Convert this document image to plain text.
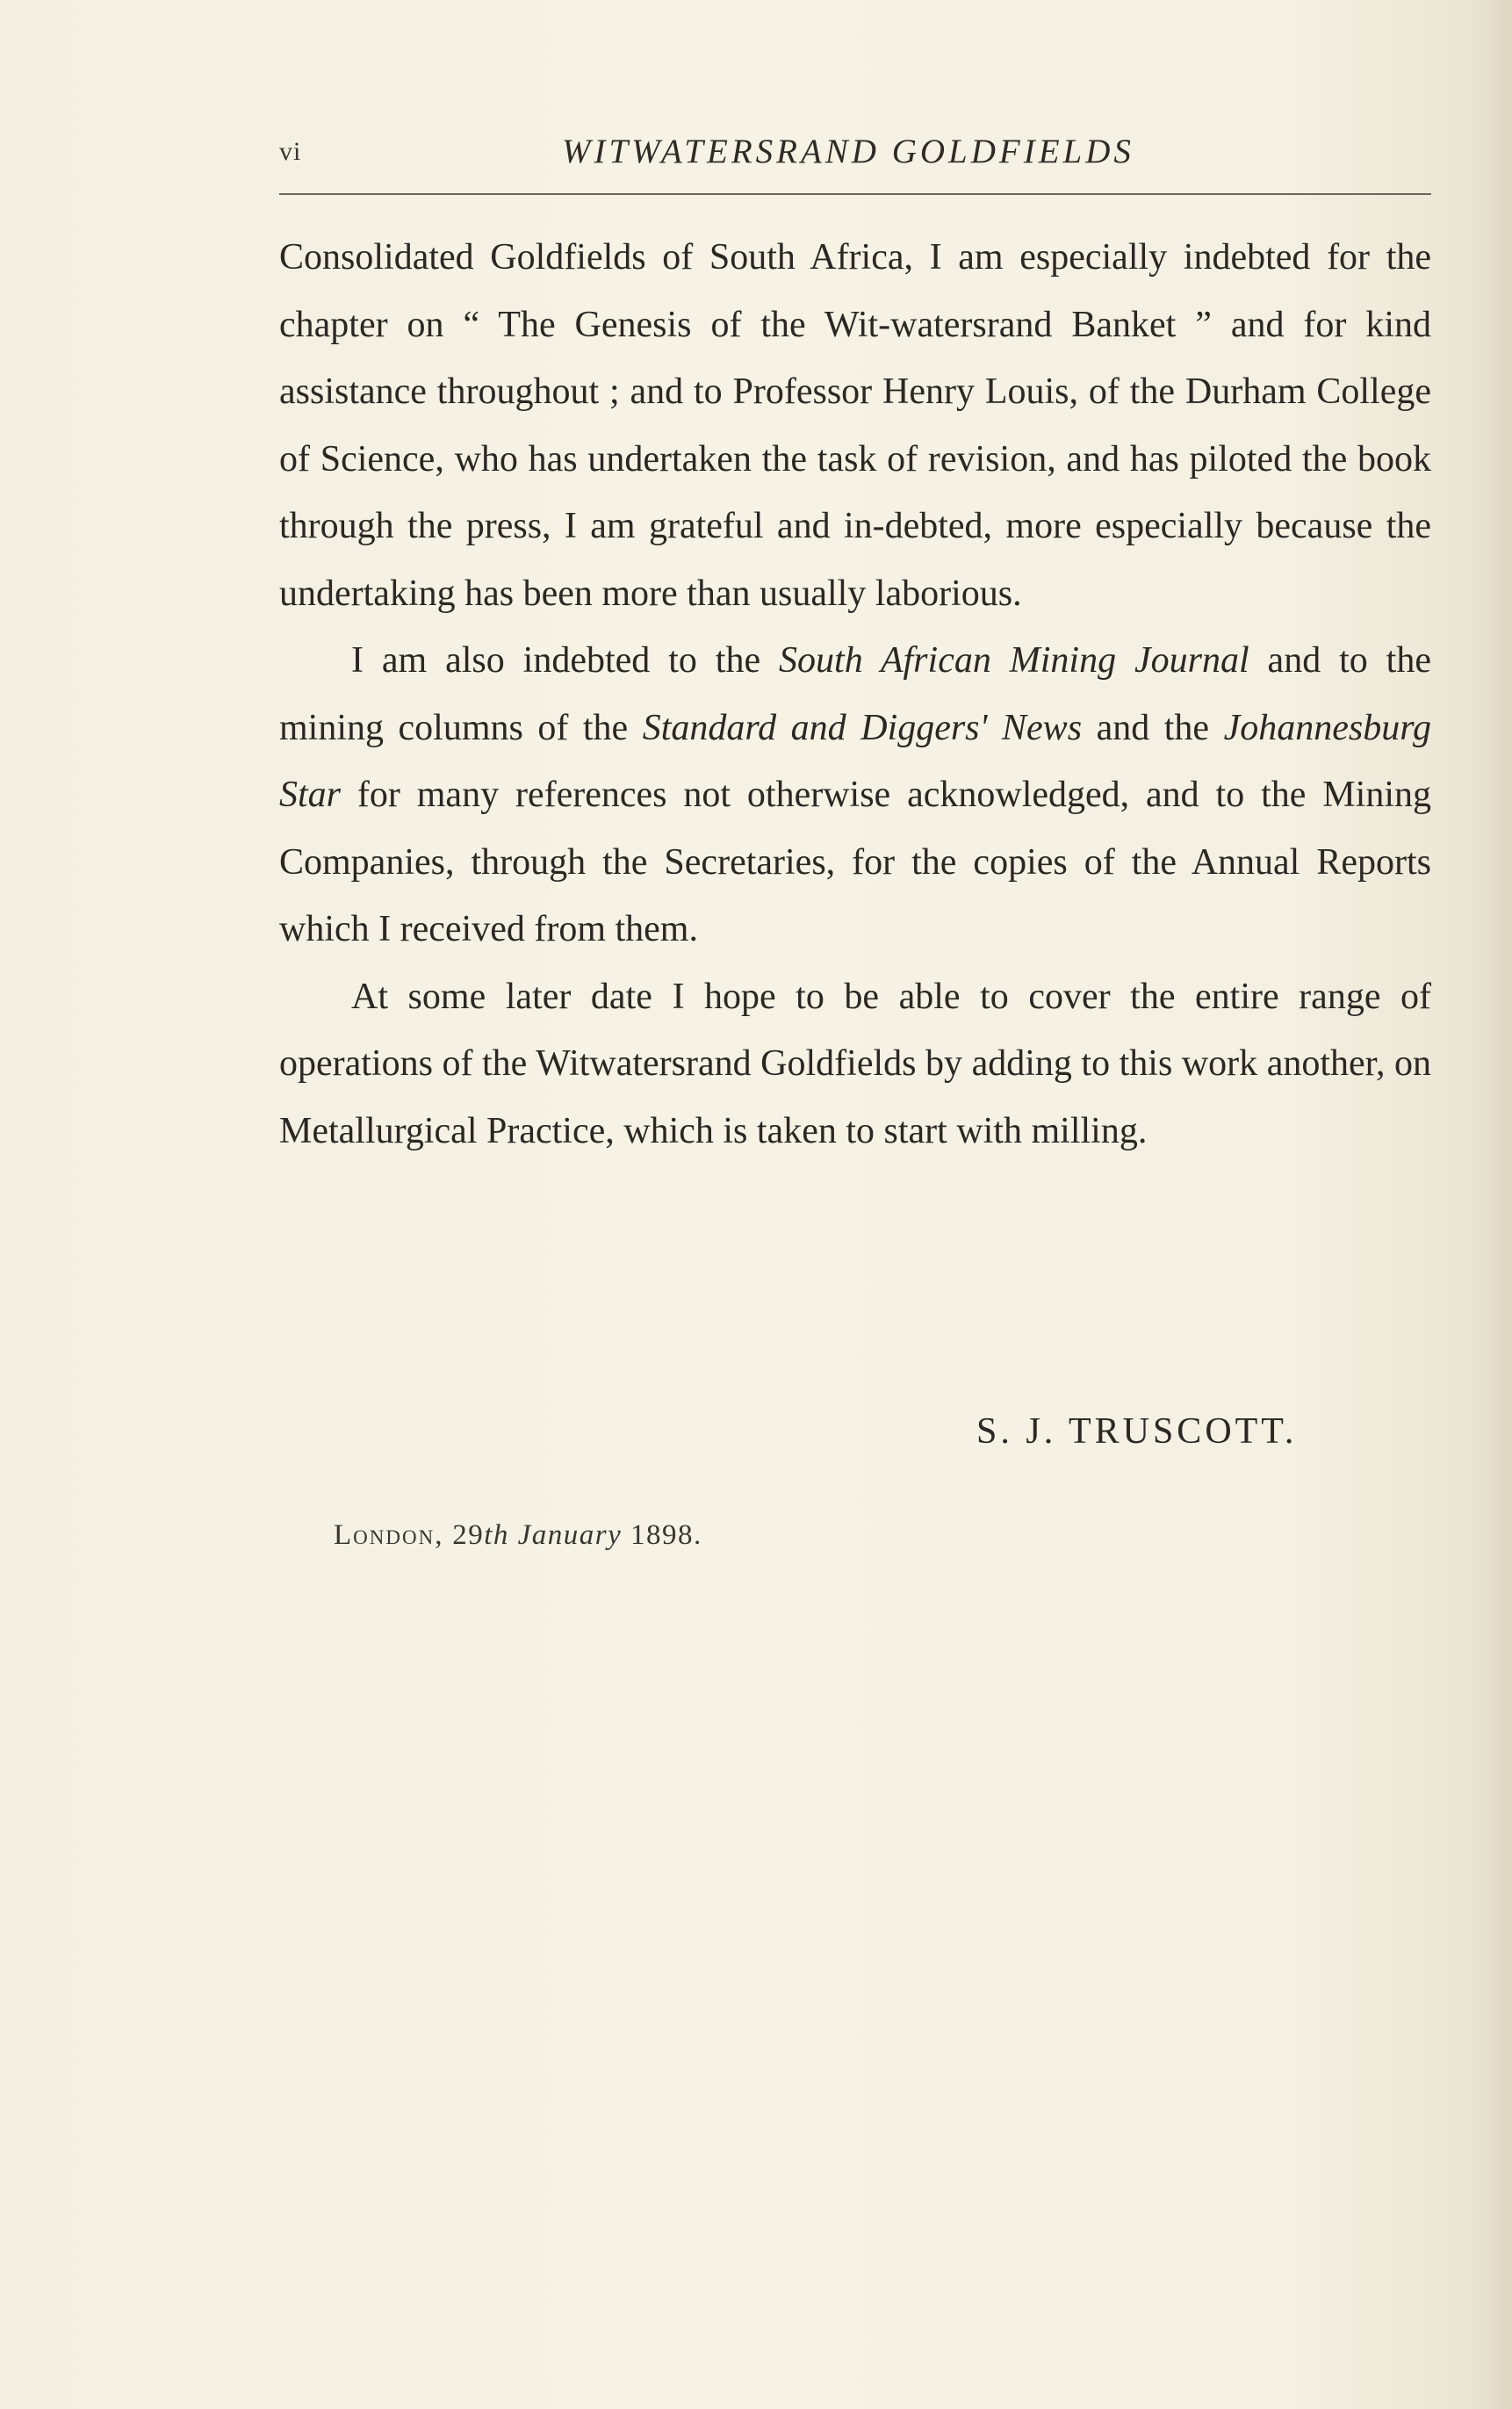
vi	WITWATERSRAND GOLDFIELDS

Consolidated Goldfields of South Africa, I am especially indebted for the chapter on “ The Genesis of the Wit-watersrand Banket ” and for kind assistance throughout ; and to Professor Henry Louis, of the Durham College of Science, who has undertaken the task of revision, and has piloted the book through the press, I am grateful and in-debted, more especially because the undertaking has been more than usually laborious.

I am also indebted to the South African Mining Journal and to the mining columns of the Standard and Diggers' News and the Johannesburg Star for many references not otherwise acknowledged, and to the Mining Companies, through the Secretaries, for the copies of the Annual Reports which I received from them.

At some later date I hope to be able to cover the entire range of operations of the Witwatersrand Goldfields by adding to this work another, on Metallurgical Practice, which is taken to start with milling.

S. J. TRUSCOTT.
London, 29th January 1898.
